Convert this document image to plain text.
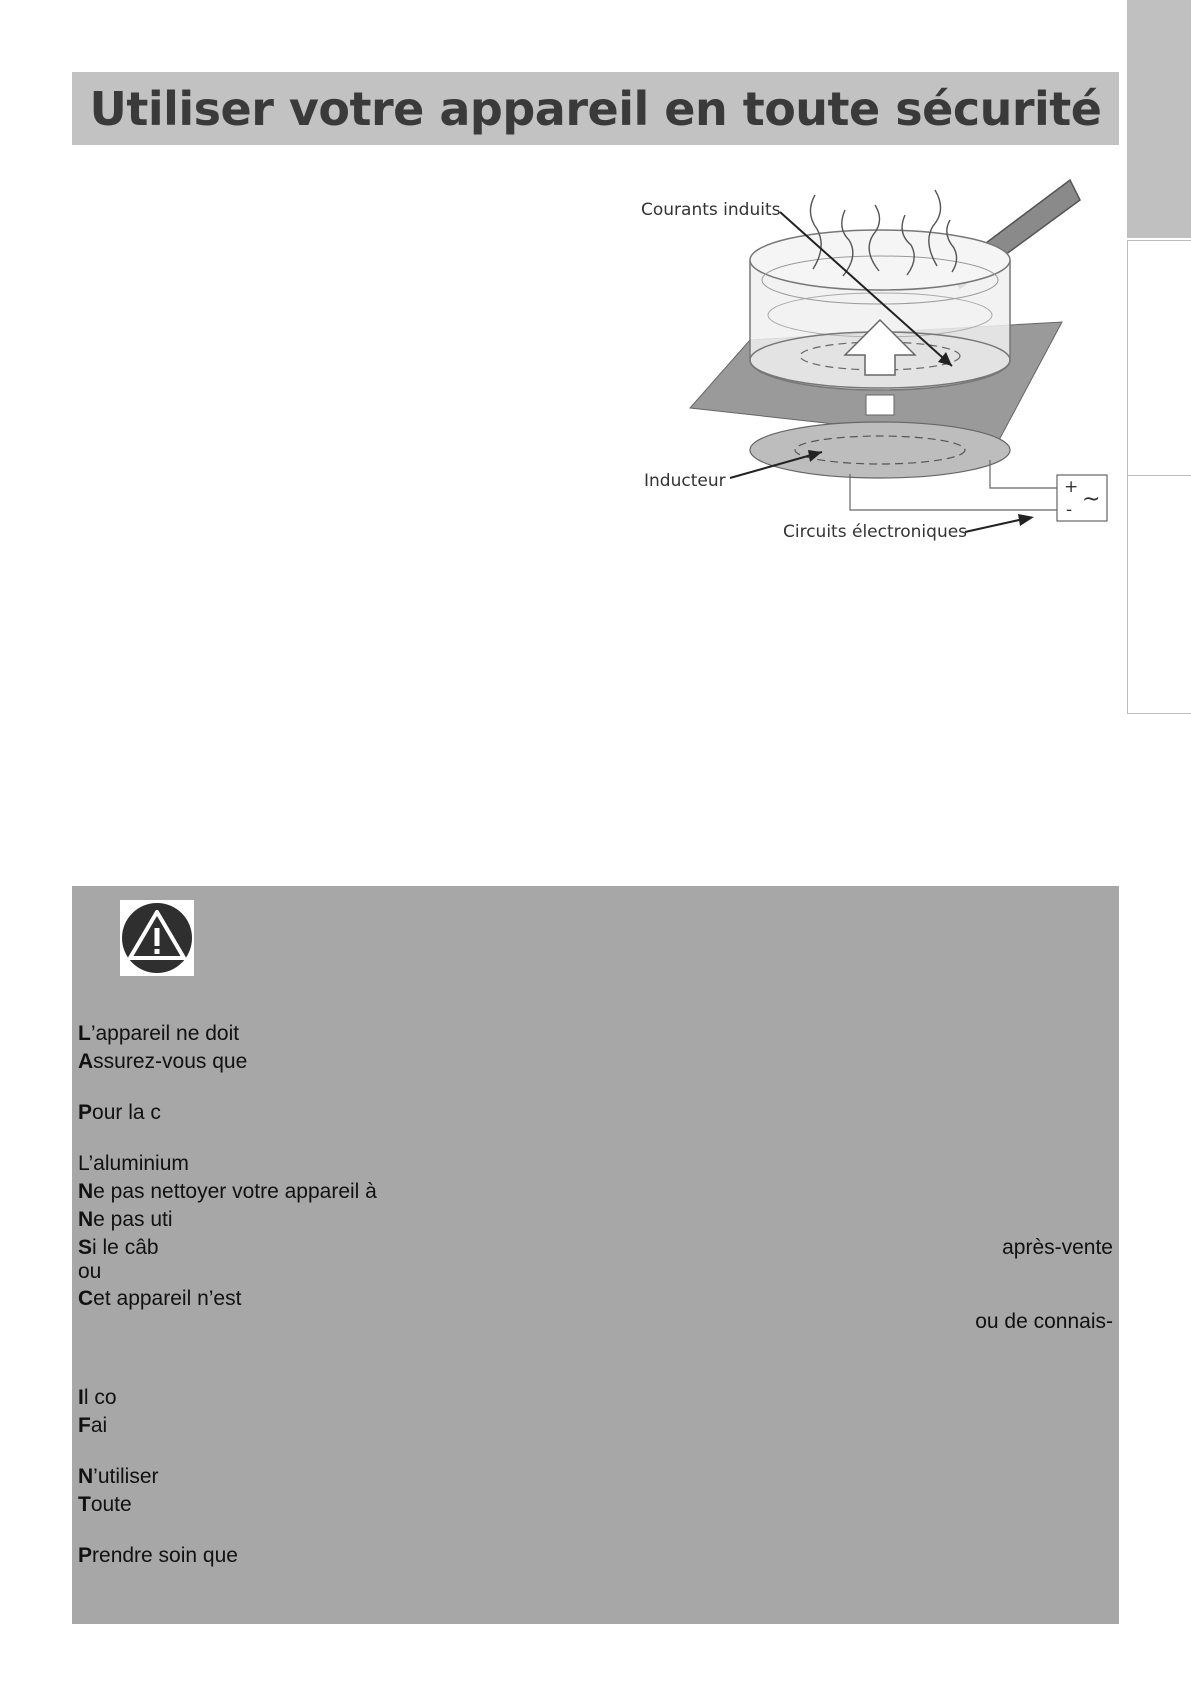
Utiliser votre appareil en toute sécurité
+
- ~
Courants induits
Inducteur
Circuits électroniques
L’appareil ne doit
Assurez-vous que
Pour la c
L’aluminium
Ne pas nettoyer votre appareil à
Ne pas uti
Si le câb	après-vente
ou
Cet appareil n’est
ou de connais-
Il co
Fai
N’utiliser
Toute
Prendre soin que
